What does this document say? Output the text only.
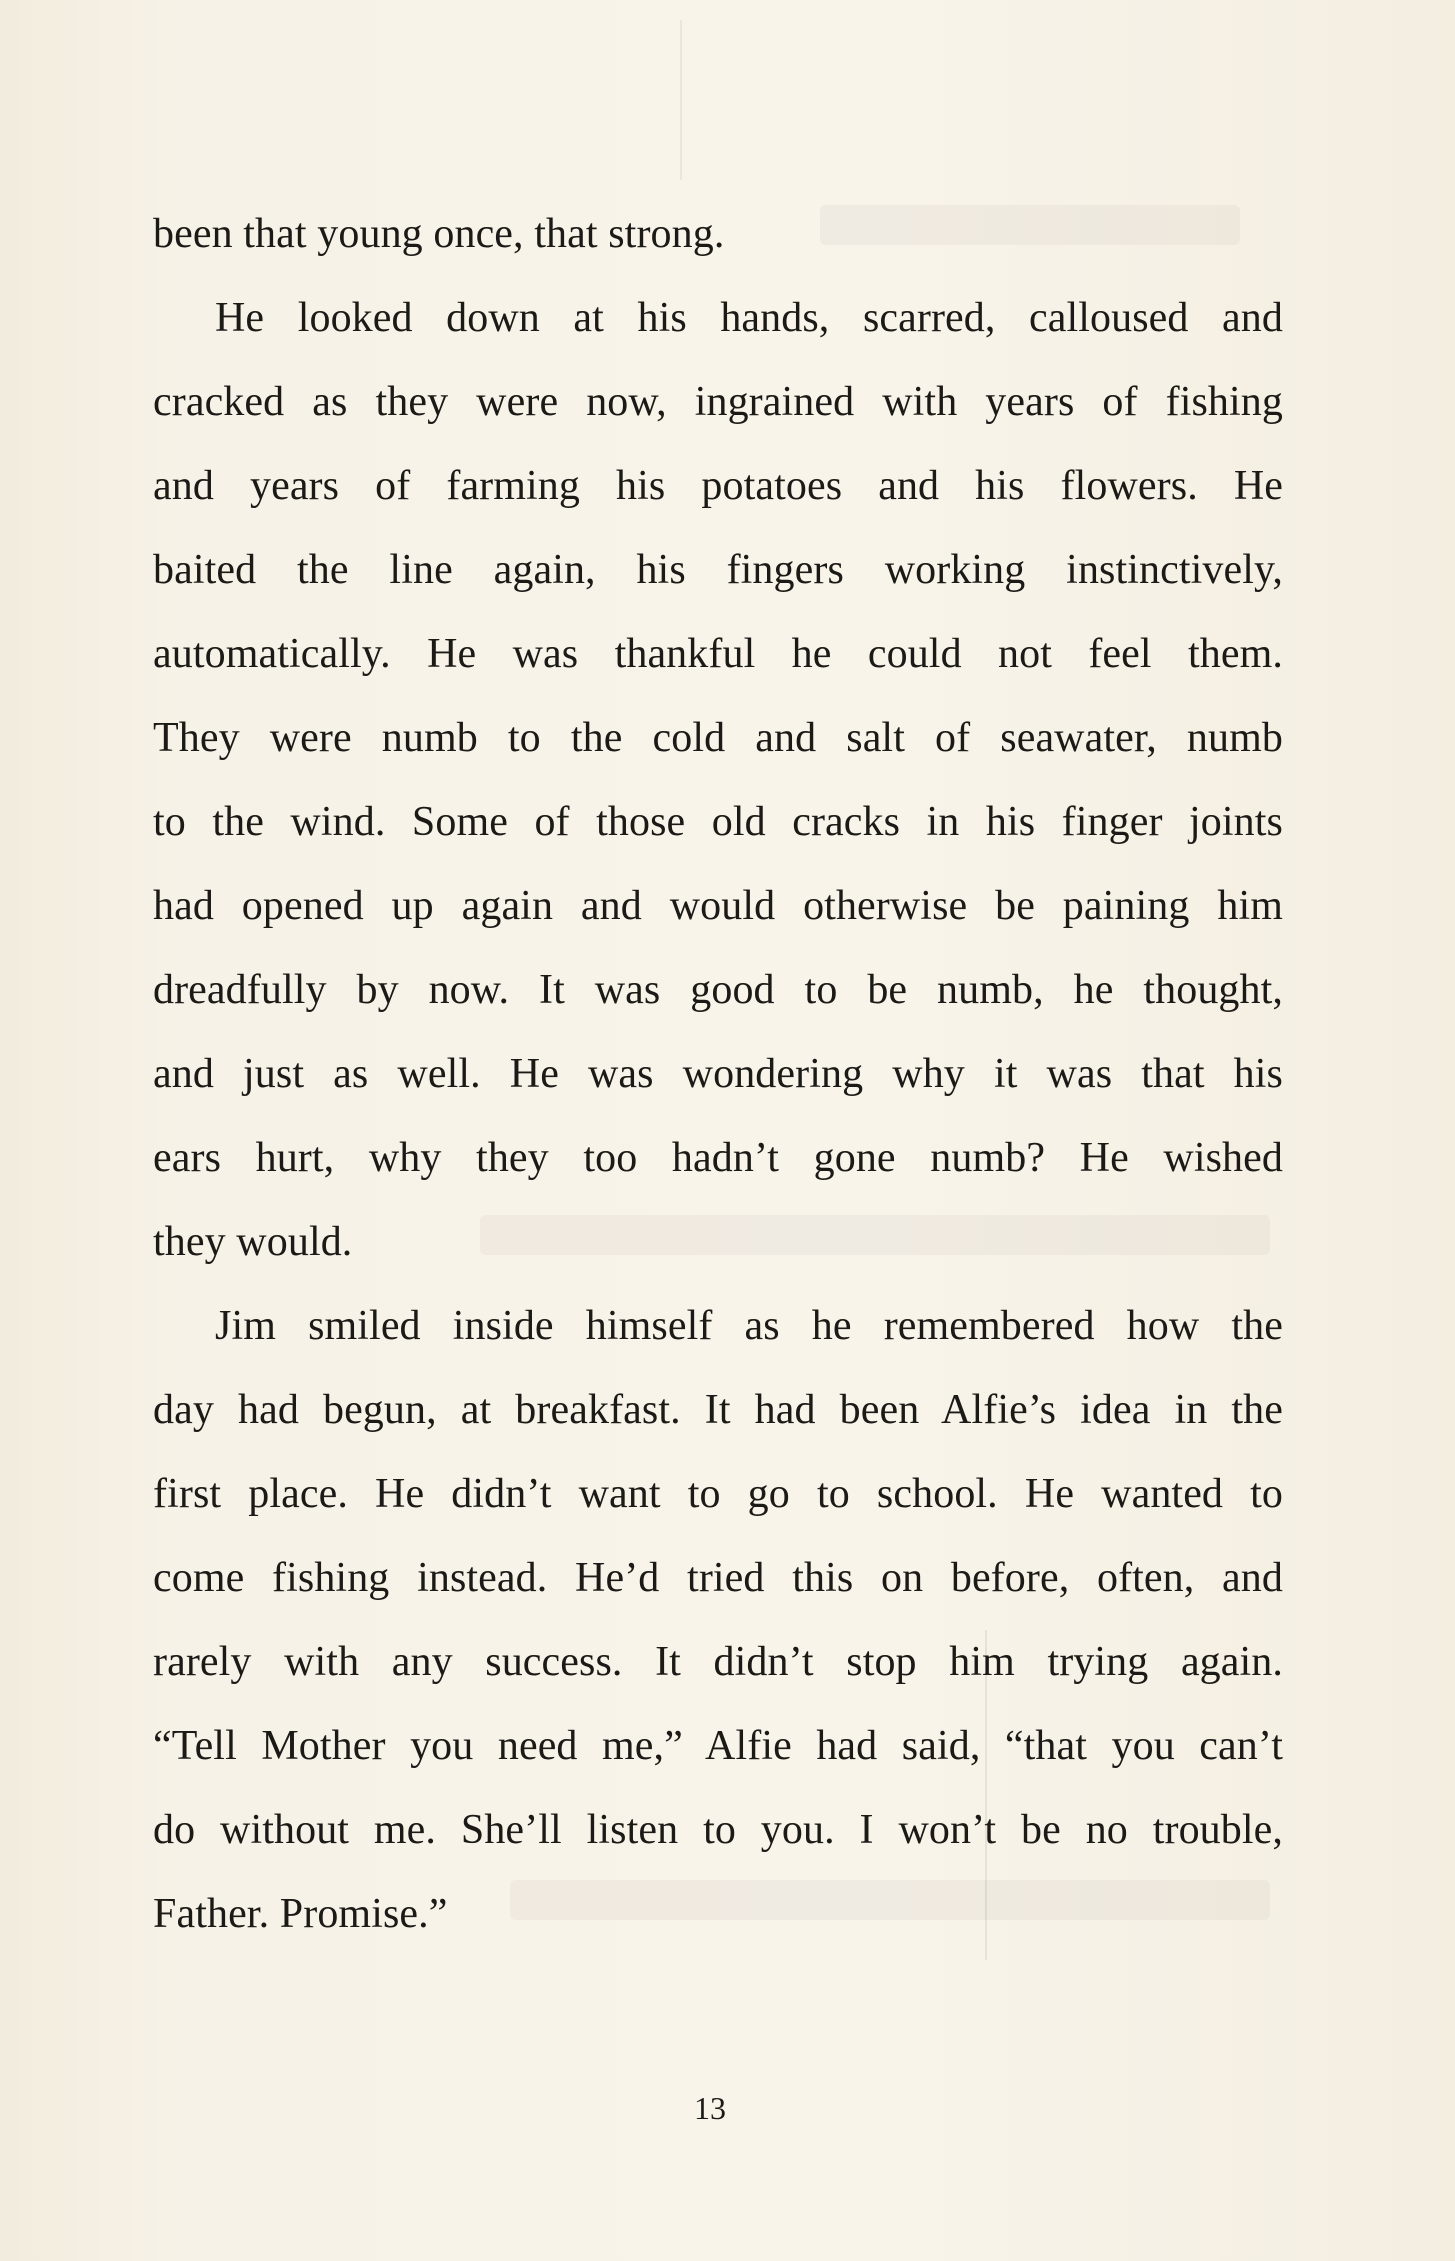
been that young once, that strong.
He looked down at his hands, scarred, calloused and
cracked as they were now, ingrained with years of fishing
and years of farming his potatoes and his flowers. He
baited the line again, his fingers working instinctively,
automatically. He was thankful he could not feel them.
They were numb to the cold and salt of seawater, numb
to the wind. Some of those old cracks in his finger joints
had opened up again and would otherwise be paining him
dreadfully by now. It was good to be numb, he thought,
and just as well. He was wondering why it was that his
ears hurt, why they too hadn’t gone numb? He wished
they would.
Jim smiled inside himself as he remembered how the
day had begun, at breakfast. It had been Alfie’s idea in the
first place. He didn’t want to go to school. He wanted to
come fishing instead. He’d tried this on before, often, and
rarely with any success. It didn’t stop him trying again.
“Tell Mother you need me,” Alfie had said, “that you can’t
do without me. She’ll listen to you. I won’t be no trouble,
Father. Promise.”
13
